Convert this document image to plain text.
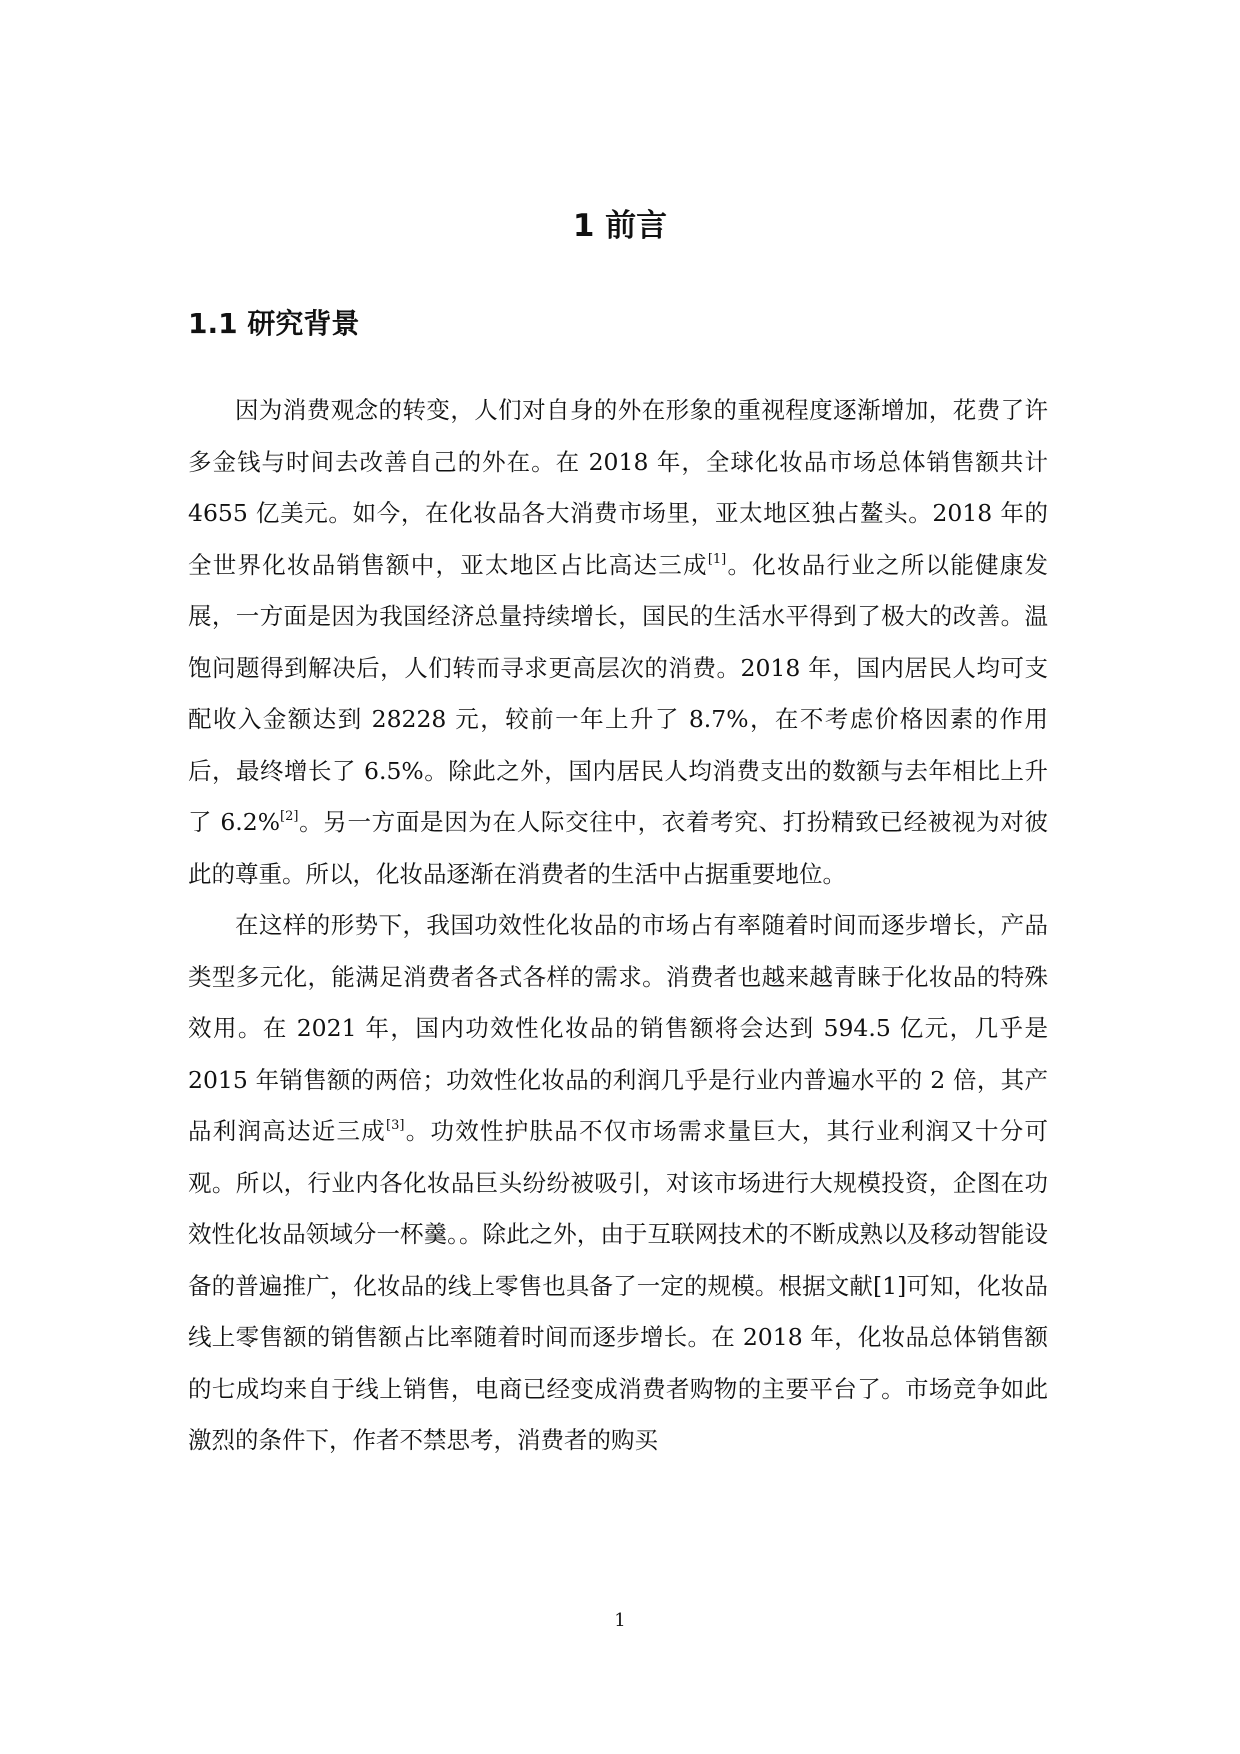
1 前言
1.1 研究背景

因为消费观念的转变，人们对自身的外在形象的重视程度逐渐增加，花费了许多金钱与时间去改善自己的外在。在 2018 年，全球化妆品市场总体销售额共计 4655 亿美元。如今，在化妆品各大消费市场里，亚太地区独占鳌头。2018 年的全世界化妆品销售额中，亚太地区占比高达三成[1]。化妆品行业之所以能健康发展，一方面是因为我国经济总量持续增长，国民的生活水平得到了极大的改善。温饱问题得到解决后，人们转而寻求更高层次的消费。2018 年，国内居民人均可支配收入金额达到 28228 元，较前一年上升了 8.7%，在不考虑价格因素的作用后，最终增长了 6.5%。除此之外，国内居民人均消费支出的数额与去年相比上升了 6.2%[2]。另一方面是因为在人际交往中，衣着考究、打扮精致已经被视为对彼此的尊重。所以，化妆品逐渐在消费者的生活中占据重要地位。

在这样的形势下，我国功效性化妆品的市场占有率随着时间而逐步增长，产品类型多元化，能满足消费者各式各样的需求。消费者也越来越青睐于化妆品的特殊效用。在 2021 年，国内功效性化妆品的销售额将会达到 594.5 亿元，几乎是 2015 年销售额的两倍；功效性化妆品的利润几乎是行业内普遍水平的 2 倍，其产品利润高达近三成[3]。功效性护肤品不仅市场需求量巨大，其行业利润又十分可观。所以，行业内各化妆品巨头纷纷被吸引，对该市场进行大规模投资，企图在功效性化妆品领域分一杯羹。。除此之外，由于互联网技术的不断成熟以及移动智能设备的普遍推广，化妆品的线上零售也具备了一定的规模。根据文献[1]可知，化妆品线上零售额的销售额占比率随着时间而逐步增长。在 2018 年，化妆品总体销售额的七成均来自于线上销售，电商已经变成消费者购物的主要平台了。市场竞争如此激烈的条件下，作者不禁思考，消费者的购买

1
